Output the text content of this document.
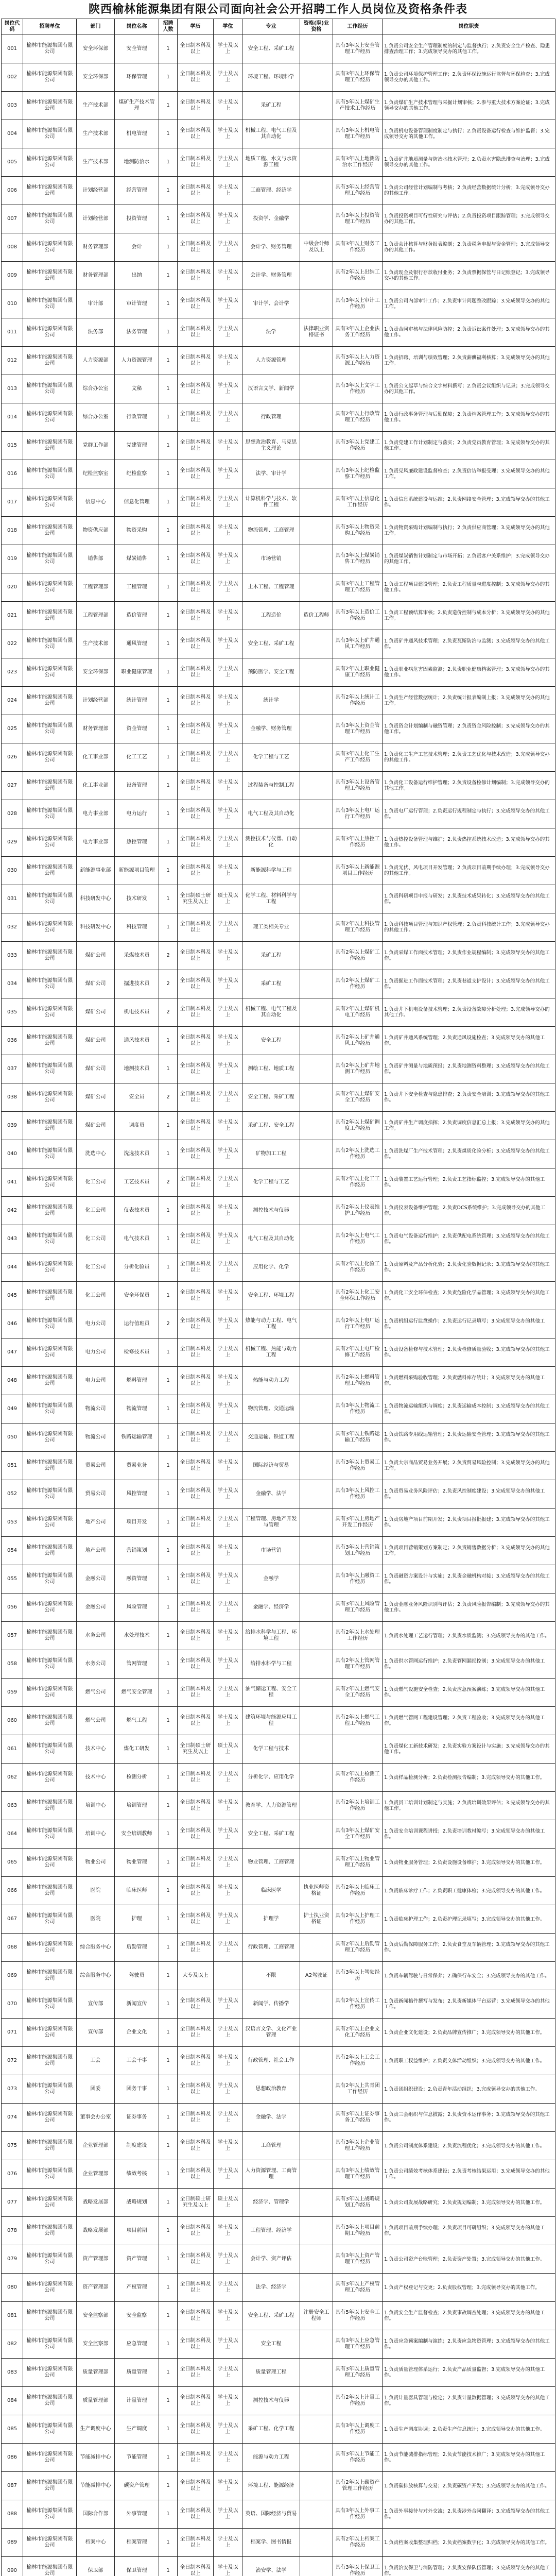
陕西榆林能源集团有限公司面向社会公开招聘工作人员岗位及资格条件表
岗位代码	招聘单位	部门	岗位名称	招聘人数	学历	学位	专业	资格(职)业资格	工作经历	岗位职责
001	榆林市能源集团有限公司	安全环保部	安全管理	1	全日制本科及以上	学士及以上	安全工程、采矿工程		具有3年以上安全管理工作经历	1.负责公司安全生产管理制度的制定与监督执行；2.负责安全生产检查、隐患排查治理工作；3.完成领导交办的其他工作。
002	榆林市能源集团有限公司	安全环保部	环保管理	1	全日制本科及以上	学士及以上	环境工程、环境科学		具有3年以上环保管理工作经历	1.负责公司环境保护管理工作；2.负责环保设施运行监督与环保检查；3.完成领导交办的其他工作。
003	榆林市能源集团有限公司	生产技术部	煤矿生产技术管理	1	全日制本科及以上	学士及以上	采矿工程		具有5年以上煤矿生产技术工作经历	1.负责煤矿生产技术管理与采掘计划审核；2.参与重大技术方案论证；3.完成领导交办的其他工作。
004	榆林市能源集团有限公司	生产技术部	机电管理	1	全日制本科及以上	学士及以上	机械工程、电气工程及其自动化		具有3年以上机电管理工作经历	1.负责机电设备管理制度制定与执行；2.负责设备运行检查与维护监督；3.完成领导交办的其他工作。
005	榆林市能源集团有限公司	生产技术部	地测防治水	1	全日制本科及以上	学士及以上	地质工程、水文与水资源工程		具有3年以上地测防治水工作经历	1.负责矿井地质测量与防治水技术管理；2.负责水害隐患排查与治理；3.完成领导交办的其他工作。
006	榆林市能源集团有限公司	计划经营部	经营管理	1	全日制本科及以上	学士及以上	工商管理、经济学		具有3年以上经营管理工作经历	1.负责公司经营计划编制与考核；2.负责经营数据统计分析；3.完成领导交办的其他工作。
007	榆林市能源集团有限公司	计划经营部	投资管理	1	全日制本科及以上	学士及以上	投资学、金融学		具有3年以上投资管理工作经历	1.负责投资项目可行性研究与评估；2.负责投资项目跟踪管理；3.完成领导交办的其他工作。
008	榆林市能源集团有限公司	财务管理部	会计	1	全日制本科及以上	学士及以上	会计学、财务管理	中级会计师及以上	具有3年以上财务工作经历	1.负责会计核算与财务报表编制；2.负责税务申报与资金管理；3.完成领导交办的其他工作。
009	榆林市能源集团有限公司	财务管理部	出纳	1	全日制本科及以上	学士及以上	会计学、财务管理		具有2年以上出纳工作经历	1.负责现金及银行存款收付业务；2.负责票据保管与日记账登记；3.完成领导交办的其他工作。
010	榆林市能源集团有限公司	审计部	审计管理	1	全日制本科及以上	学士及以上	审计学、会计学		具有3年以上审计工作经历	1.负责公司内部审计工作；2.负责审计问题整改跟踪；3.完成领导交办的其他工作。
011	榆林市能源集团有限公司	法务部	法务管理	1	全日制本科及以上	学士及以上	法学	法律职业资格证书	具有3年以上企业法务工作经历	1.负责合同审核与法律风险防控；2.负责诉讼案件处理；3.完成领导交办的其他工作。
012	榆林市能源集团有限公司	人力资源部	人力资源管理	1	全日制本科及以上	学士及以上	人力资源管理		具有3年以上人力资源工作经历	1.负责招聘、培训与绩效管理；2.负责薪酬福利核算；3.完成领导交办的其他工作。
013	榆林市能源集团有限公司	综合办公室	文秘	1	全日制本科及以上	学士及以上	汉语言文学、新闻学		具有3年以上文字工作经历	1.负责公文起草与综合文字材料撰写；2.负责会议组织与记录；3.完成领导交办的其他工作。
014	榆林市能源集团有限公司	综合办公室	行政管理	1	全日制本科及以上	学士及以上	行政管理		具有2年以上行政管理工作经历	1.负责行政事务管理与后勤保障；2.负责档案管理工作；3.完成领导交办的其他工作。
015	榆林市能源集团有限公司	党群工作部	党建管理	1	全日制本科及以上	学士及以上	思想政治教育、马克思主义理论		具有3年以上党建工作经历	1.负责党建工作计划制定与落实；2.负责党员教育管理；3.完成领导交办的其他工作。
016	榆林市能源集团有限公司	纪检监察室	纪检监察	1	全日制本科及以上	学士及以上	法学、审计学		具有3年以上纪检监察工作经历	1.负责党风廉政建设监督检查；2.负责信访举报受理；3.完成领导交办的其他工作。
017	榆林市能源集团有限公司	信息中心	信息化管理	1	全日制本科及以上	学士及以上	计算机科学与技术、软件工程		具有3年以上信息化工作经历	1.负责信息系统建设与运维；2.负责网络安全管理；3.完成领导交办的其他工作。
018	榆林市能源集团有限公司	物资供应部	物资采购	1	全日制本科及以上	学士及以上	物流管理、工商管理		具有3年以上物资采购工作经历	1.负责物资采购计划编制与执行；2.负责供应商管理；3.完成领导交办的其他工作。
019	榆林市能源集团有限公司	销售部	煤炭销售	1	全日制本科及以上	学士及以上	市场营销		具有3年以上煤炭销售工作经历	1.负责煤炭销售计划制定与市场开拓；2.负责客户关系维护；3.完成领导交办的其他工作。
020	榆林市能源集团有限公司	工程管理部	工程管理	1	全日制本科及以上	学士及以上	土木工程、工程管理		具有3年以上工程管理工作经历	1.负责工程项目建设管理；2.负责工程质量与进度控制；3.完成领导交办的其他工作。
021	榆林市能源集团有限公司	工程管理部	造价管理	1	全日制本科及以上	学士及以上	工程造价	造价工程师	具有3年以上造价工作经历	1.负责工程预结算审核；2.负责造价控制与成本分析；3.完成领导交办的其他工作。
022	榆林市能源集团有限公司	生产技术部	通风管理	1	全日制本科及以上	学士及以上	安全工程、采矿工程		具有3年以上矿井通风工作经历	1.负责矿井通风技术管理；2.负责瓦斯防治与监测；3.完成领导交办的其他工作。
023	榆林市能源集团有限公司	安全环保部	职业健康管理	1	全日制本科及以上	学士及以上	预防医学、安全工程		具有2年以上职业健康工作经历	1.负责职业病危害因素监测；2.负责职业健康档案管理；3.完成领导交办的其他工作。
024	榆林市能源集团有限公司	计划经营部	统计管理	1	全日制本科及以上	学士及以上	统计学		具有2年以上统计工作经历	1.负责生产经营数据统计；2.负责统计报表编制上报；3.完成领导交办的其他工作。
025	榆林市能源集团有限公司	财务管理部	资金管理	1	全日制本科及以上	学士及以上	金融学、财务管理		具有3年以上资金管理工作经历	1.负责资金计划编制与融资管理；2.负责资金风险控制；3.完成领导交办的其他工作。
026	榆林市能源集团有限公司	化工事业部	化工工艺	1	全日制本科及以上	学士及以上	化学工程与工艺		具有3年以上化工生产工作经历	1.负责化工生产工艺技术管理；2.负责工艺优化与技术改造；3.完成领导交办的其他工作。
027	榆林市能源集团有限公司	化工事业部	设备管理	1	全日制本科及以上	学士及以上	过程装备与控制工程		具有3年以上设备管理工作经历	1.负责化工设备运行维护管理；2.负责设备检修计划编制；3.完成领导交办的其他工作。
028	榆林市能源集团有限公司	电力事业部	电力运行	1	全日制本科及以上	学士及以上	电气工程及其自动化		具有3年以上电厂运行工作经历	1.负责电厂运行管理；2.负责运行规程制定与执行；3.完成领导交办的其他工作。
029	榆林市能源集团有限公司	电力事业部	热控管理	1	全日制本科及以上	学士及以上	测控技术与仪器、自动化		具有3年以上热控工作经历	1.负责热控设备管理与维护；2.负责热控系统技术改造；3.完成领导交办的其他工作。
030	榆林市能源集团有限公司	新能源事业部	新能源项目管理	1	全日制本科及以上	学士及以上	新能源科学与工程		具有3年以上新能源项目工作经历	1.负责光伏、风电项目开发管理；2.负责项目前期手续办理；3.完成领导交办的其他工作。
031	榆林市能源集团有限公司	科技研发中心	技术研发	1	全日制硕士研究生及以上	硕士及以上	化学工程、材料科学与工程			1.负责科研项目申报与研发；2.负责技术成果转化；3.完成领导交办的其他工作。
032	榆林市能源集团有限公司	科技研发中心	科技管理	1	全日制本科及以上	学士及以上	理工类相关专业		具有2年以上科技管理工作经历	1.负责科技项目管理与知识产权管理；2.负责科技统计工作；3.完成领导交办的其他工作。
033	榆林市能源集团有限公司	煤矿公司	采煤技术员	2	全日制本科及以上	学士及以上	采矿工程		具有2年以上煤矿工作经历	1.负责采煤工作面技术管理；2.负责作业规程编制；3.完成领导交办的其他工作。
034	榆林市能源集团有限公司	煤矿公司	掘进技术员	2	全日制本科及以上	学士及以上	采矿工程		具有2年以上煤矿工作经历	1.负责掘进工作面技术管理；2.负责巷道支护设计；3.完成领导交办的其他工作。
035	榆林市能源集团有限公司	煤矿公司	机电技术员	2	全日制本科及以上	学士及以上	机械工程、电气工程及其自动化		具有2年以上煤矿机电工作经历	1.负责井下机电设备技术管理；2.负责设备故障分析处理；3.完成领导交办的其他工作。
036	榆林市能源集团有限公司	煤矿公司	通风技术员	1	全日制本科及以上	学士及以上	安全工程		具有2年以上矿井通风工作经历	1.负责矿井通风系统管理；2.负责通风设施检查；3.完成领导交办的其他工作。
037	榆林市能源集团有限公司	煤矿公司	地测技术员	1	全日制本科及以上	学士及以上	测绘工程、地质工程		具有2年以上矿井地测工作经历	1.负责矿井测量与地质预报；2.负责地测资料整理；3.完成领导交办的其他工作。
038	榆林市能源集团有限公司	煤矿公司	安全员	2	全日制本科及以上	学士及以上	安全工程、采矿工程		具有2年以上煤矿安全工作经历	1.负责井下安全检查与隐患排查；2.负责安全培训；3.完成领导交办的其他工作。
039	榆林市能源集团有限公司	煤矿公司	调度员	1	全日制本科及以上	学士及以上	采矿工程、安全工程		具有2年以上煤矿调度工作经历	1.负责矿井生产调度指挥；2.负责调度信息汇总上报；3.完成领导交办的其他工作。
040	榆林市能源集团有限公司	洗选中心	洗选技术员	1	全日制本科及以上	学士及以上	矿物加工工程		具有2年以上洗选工作经历	1.负责洗煤厂生产技术管理；2.负责煤质化验分析；3.完成领导交办的其他工作。
041	榆林市能源集团有限公司	化工公司	工艺技术员	2	全日制本科及以上	学士及以上	化学工程与工艺		具有2年以上化工工作经历	1.负责装置工艺运行管理；2.负责工艺指标监控；3.完成领导交办的其他工作。
042	榆林市能源集团有限公司	化工公司	仪表技术员	1	全日制本科及以上	学士及以上	测控技术与仪器		具有2年以上仪表维护工作经历	1.负责仪表设备维护管理；2.负责DCS系统维护；3.完成领导交办的其他工作。
043	榆林市能源集团有限公司	化工公司	电气技术员	1	全日制本科及以上	学士及以上	电气工程及其自动化		具有2年以上电气工作经历	1.负责电气设备运行维护；2.负责供配电系统管理；3.完成领导交办的其他工作。
044	榆林市能源集团有限公司	化工公司	分析化验员	1	全日制本科及以上	学士及以上	应用化学、化学		具有2年以上化验工作经历	1.负责原料及产品分析化验；2.负责化验数据记录；3.完成领导交办的其他工作。
045	榆林市能源集团有限公司	化工公司	安全环保员	1	全日制本科及以上	学士及以上	安全工程、环境工程		具有2年以上化工安全环保工作经历	1.负责化工安全环保检查；2.负责危险化学品管理；3.完成领导交办的其他工作。
046	榆林市能源集团有限公司	电力公司	运行值班员	2	全日制本科及以上	学士及以上	热能与动力工程、电气工程		具有2年以上电厂运行工作经历	1.负责机组运行监盘操作；2.负责运行记录填写；3.完成领导交办的其他工作。
047	榆林市能源集团有限公司	电力公司	检修技术员	1	全日制本科及以上	学士及以上	机械工程、热能与动力工程		具有2年以上电厂检修工作经历	1.负责设备检修与技术管理；2.负责检修质量验收；3.完成领导交办的其他工作。
048	榆林市能源集团有限公司	电力公司	燃料管理	1	全日制本科及以上	学士及以上	热能与动力工程		具有2年以上燃料管理工作经历	1.负责燃料采购验收管理；2.负责燃料库存统计；3.完成领导交办的其他工作。
049	榆林市能源集团有限公司	物流公司	物流管理	1	全日制本科及以上	学士及以上	物流管理、交通运输		具有3年以上物流工作经历	1.负责物流运输组织与调度；2.负责运输成本控制；3.完成领导交办的其他工作。
050	榆林市能源集团有限公司	物流公司	铁路运输管理	1	全日制本科及以上	学士及以上	交通运输、铁道工程		具有3年以上铁路运输工作经历	1.负责铁路专用线运输管理；2.负责运输安全管理；3.完成领导交办的其他工作。
051	榆林市能源集团有限公司	贸易公司	贸易业务	1	全日制本科及以上	学士及以上	国际经济与贸易		具有3年以上贸易工作经历	1.负责大宗商品贸易业务开展；2.负责贸易风险控制；3.完成领导交办的其他工作。
052	榆林市能源集团有限公司	贸易公司	风控管理	1	全日制本科及以上	学士及以上	金融学、法学		具有3年以上风控工作经历	1.负责贸易业务风险评估；2.负责风控制度建设；3.完成领导交办的其他工作。
053	榆林市能源集团有限公司	地产公司	项目开发	1	全日制本科及以上	学士及以上	工程管理、房地产开发与管理		具有3年以上房地产开发工作经历	1.负责房地产项目前期开发；2.负责项目报批报建；3.完成领导交办的其他工作。
054	榆林市能源集团有限公司	地产公司	营销策划	1	全日制本科及以上	学士及以上	市场营销		具有3年以上营销策划工作经历	1.负责项目营销策划方案制定；2.负责销售数据分析；3.完成领导交办的其他工作。
055	榆林市能源集团有限公司	金融公司	融资管理	1	全日制本科及以上	学士及以上	金融学		具有3年以上融资工作经历	1.负责融资方案设计与实施；2.负责金融机构对接；3.完成领导交办的其他工作。
056	榆林市能源集团有限公司	金融公司	风险管理	1	全日制本科及以上	学士及以上	金融学、经济学		具有3年以上风险管理工作经历	1.负责金融业务风险识别与评估；2.负责风险报告编制；3.完成领导交办的其他工作。
057	榆林市能源集团有限公司	水务公司	水处理技术	1	全日制本科及以上	学士及以上	给排水科学与工程、环境工程		具有2年以上水处理工作经历	1.负责水处理工艺运行管理；2.负责水质监测；3.完成领导交办的其他工作。
058	榆林市能源集团有限公司	水务公司	管网管理	1	全日制本科及以上	学士及以上	给排水科学与工程		具有2年以上管网管理工作经历	1.负责供水管网运行维护；2.负责管网漏损控制；3.完成领导交办的其他工作。
059	榆林市能源集团有限公司	燃气公司	燃气安全管理	1	全日制本科及以上	学士及以上	油气储运工程、安全工程		具有2年以上燃气安全工作经历	1.负责燃气设施安全检查；2.负责应急预案演练；3.完成领导交办的其他工作。
060	榆林市能源集团有限公司	燃气公司	燃气工程	1	全日制本科及以上	学士及以上	建筑环境与能源应用工程		具有2年以上燃气工程工作经历	1.负责燃气管网工程建设管理；2.负责工程验收；3.完成领导交办的其他工作。
061	榆林市能源集团有限公司	技术中心	煤化工研发	1	全日制硕士研究生及以上	硕士及以上	化学工程与技术			1.负责煤化工新技术研发；2.负责实验方案设计与实施；3.完成领导交办的其他工作。
062	榆林市能源集团有限公司	技术中心	检测分析	1	全日制本科及以上	学士及以上	分析化学、应用化学		具有2年以上检测工作经历	1.负责样品检测分析；2.负责检测报告编制；3.完成领导交办的其他工作。
063	榆林市能源集团有限公司	培训中心	培训管理	1	全日制本科及以上	学士及以上	教育学、人力资源管理		具有2年以上培训工作经历	1.负责员工培训计划制定与实施；2.负责培训效果评估；3.完成领导交办的其他工作。
064	榆林市能源集团有限公司	培训中心	安全培训教师	1	全日制本科及以上	学士及以上	安全工程、采矿工程		具有3年以上煤矿安全工作经历	1.负责安全培训课程讲授；2.负责培训教材编写；3.完成领导交办的其他工作。
065	榆林市能源集团有限公司	物业公司	物业管理	1	全日制本科及以上	学士及以上	物业管理、工商管理		具有2年以上物业管理工作经历	1.负责物业服务管理；2.负责设施设备维护；3.完成领导交办的其他工作。
066	榆林市能源集团有限公司	医院	临床医师	1	全日制本科及以上	学士及以上	临床医学	执业医师资格证	具有2年以上临床工作经历	1.负责临床诊疗工作；2.负责职工健康体检；3.完成领导交办的其他工作。
067	榆林市能源集团有限公司	医院	护理	1	全日制本科及以上	学士及以上	护理学	护士执业资格证	具有2年以上护理工作经历	1.负责临床护理工作；2.负责护理记录填写；3.完成领导交办的其他工作。
068	榆林市能源集团有限公司	综合服务中心	后勤管理	1	全日制本科及以上	学士及以上	行政管理、工商管理		具有2年以上后勤管理工作经历	1.负责后勤保障服务工作；2.负责食堂及车辆管理；3.完成领导交办的其他工作。
069	榆林市能源集团有限公司	综合服务中心	驾驶员	1	大专及以上		不限	A2驾驶证	具有3年以上驾驶经历	1.负责车辆驾驶与日常保养；2.确保行车安全；3.完成领导交办的其他工作。
070	榆林市能源集团有限公司	宣传部	新闻宣传	1	全日制本科及以上	学士及以上	新闻学、传播学		具有2年以上宣传工作经历	1.负责新闻稿件撰写与发布；2.负责新媒体平台运营；3.完成领导交办的其他工作。
071	榆林市能源集团有限公司	宣传部	企业文化	1	全日制本科及以上	学士及以上	汉语言文学、文化产业管理		具有2年以上企业文化工作经历	1.负责企业文化建设；2.负责品牌宣传推广；3.完成领导交办的其他工作。
072	榆林市能源集团有限公司	工会	工会干事	1	全日制本科及以上	学士及以上	行政管理、社会工作		具有2年以上工会工作经历	1.负责职工权益维护；2.负责文体活动组织；3.完成领导交办的其他工作。
073	榆林市能源集团有限公司	团委	团务干事	1	全日制本科及以上	学士及以上	思想政治教育		具有2年以上共青团工作经历	1.负责团组织建设；2.负责青年活动组织；3.完成领导交办的其他工作。
074	榆林市能源集团有限公司	董事会办公室	证券事务	1	全日制本科及以上	学士及以上	金融学、法学		具有3年以上证券事务工作经历	1.负责三会组织与信息披露；2.负责资本运作事务；3.完成领导交办的其他工作。
075	榆林市能源集团有限公司	企业管理部	制度建设	1	全日制本科及以上	学士及以上	工商管理		具有3年以上企业管理工作经历	1.负责公司制度体系建设；2.负责流程优化；3.完成领导交办的其他工作。
076	榆林市能源集团有限公司	企业管理部	绩效考核	1	全日制本科及以上	学士及以上	人力资源管理、工商管理		具有3年以上绩效管理工作经历	1.负责公司绩效考核体系建设；2.负责考核结果运用；3.完成领导交办的其他工作。
077	榆林市能源集团有限公司	战略发展部	战略规划	1	全日制硕士研究生及以上	硕士及以上	经济学、管理学		具有3年以上战略规划工作经历	1.负责公司发展战略研究；2.负责规划编制；3.完成领导交办的其他工作。
078	榆林市能源集团有限公司	战略发展部	项目前期	1	全日制本科及以上	学士及以上	工程管理、经济学		具有3年以上项目前期工作经历	1.负责项目前期手续办理；2.负责项目可研组织；3.完成领导交办的其他工作。
079	榆林市能源集团有限公司	资产管理部	资产管理	1	全日制本科及以上	学士及以上	会计学、资产评估		具有3年以上资产管理工作经历	1.负责公司资产台账管理；2.负责资产处置；3.完成领导交办的其他工作。
080	榆林市能源集团有限公司	资产管理部	产权管理	1	全日制本科及以上	学士及以上	法学、经济学		具有3年以上产权管理工作经历	1.负责产权登记与变更；2.负责股权管理；3.完成领导交办的其他工作。
081	榆林市能源集团有限公司	安全监察部	安全监察	1	全日制本科及以上	学士及以上	安全工程、采矿工程	注册安全工程师	具有5年以上安全工作经历	1.负责安全生产监督检查；2.负责事故调查处理；3.完成领导交办的其他工作。
082	榆林市能源集团有限公司	安全监察部	应急管理	1	全日制本科及以上	学士及以上	安全工程		具有3年以上应急管理工作经历	1.负责应急预案编制与演练；2.负责应急物资管理；3.完成领导交办的其他工作。
083	榆林市能源集团有限公司	质量管理部	质量管理	1	全日制本科及以上	学士及以上	质量管理工程		具有3年以上质量管理工作经历	1.负责质量管理体系运行；2.负责产品质量监督；3.完成领导交办的其他工作。
084	榆林市能源集团有限公司	质量管理部	计量管理	1	全日制本科及以上	学士及以上	测控技术与仪器		具有2年以上计量工作经历	1.负责计量器具管理与检定；2.负责计量数据管理；3.完成领导交办的其他工作。
085	榆林市能源集团有限公司	生产调度中心	生产调度	1	全日制本科及以上	学士及以上	采矿工程、化学工程		具有3年以上调度工作经历	1.负责生产调度协调；2.负责生产信息统计；3.完成领导交办的其他工作。
086	榆林市能源集团有限公司	节能减排中心	节能管理	1	全日制本科及以上	学士及以上	能源与动力工程		具有3年以上节能工作经历	1.负责节能减排指标管理；2.负责节能技术推广；3.完成领导交办的其他工作。
087	榆林市能源集团有限公司	节能减排中心	碳资产管理	1	全日制本科及以上	学士及以上	环境工程、能源经济		具有2年以上碳资产管理工作经历	1.负责碳排放核算与交易；2.负责碳资产开发；3.完成领导交办的其他工作。
088	榆林市能源集团有限公司	国际合作部	外事管理	1	全日制本科及以上	学士及以上	英语、国际经济与贸易		具有3年以上外事工作经历	1.负责外事接待与对外交流；2.负责涉外合同翻译；3.完成领导交办的其他工作。
089	榆林市能源集团有限公司	档案中心	档案管理	1	全日制本科及以上	学士及以上	档案学、图书情报		具有2年以上档案工作经历	1.负责档案收集整理归档；2.负责档案数字化；3.完成领导交办的其他工作。
090	榆林市能源集团有限公司	保卫部	保卫管理	1	全日制本科及以上	学士及以上	治安学、法学		具有3年以上保卫工作经历	1.负责治安保卫与消防管理；2.负责安保队伍管理；3.完成领导交办的其他工作。
